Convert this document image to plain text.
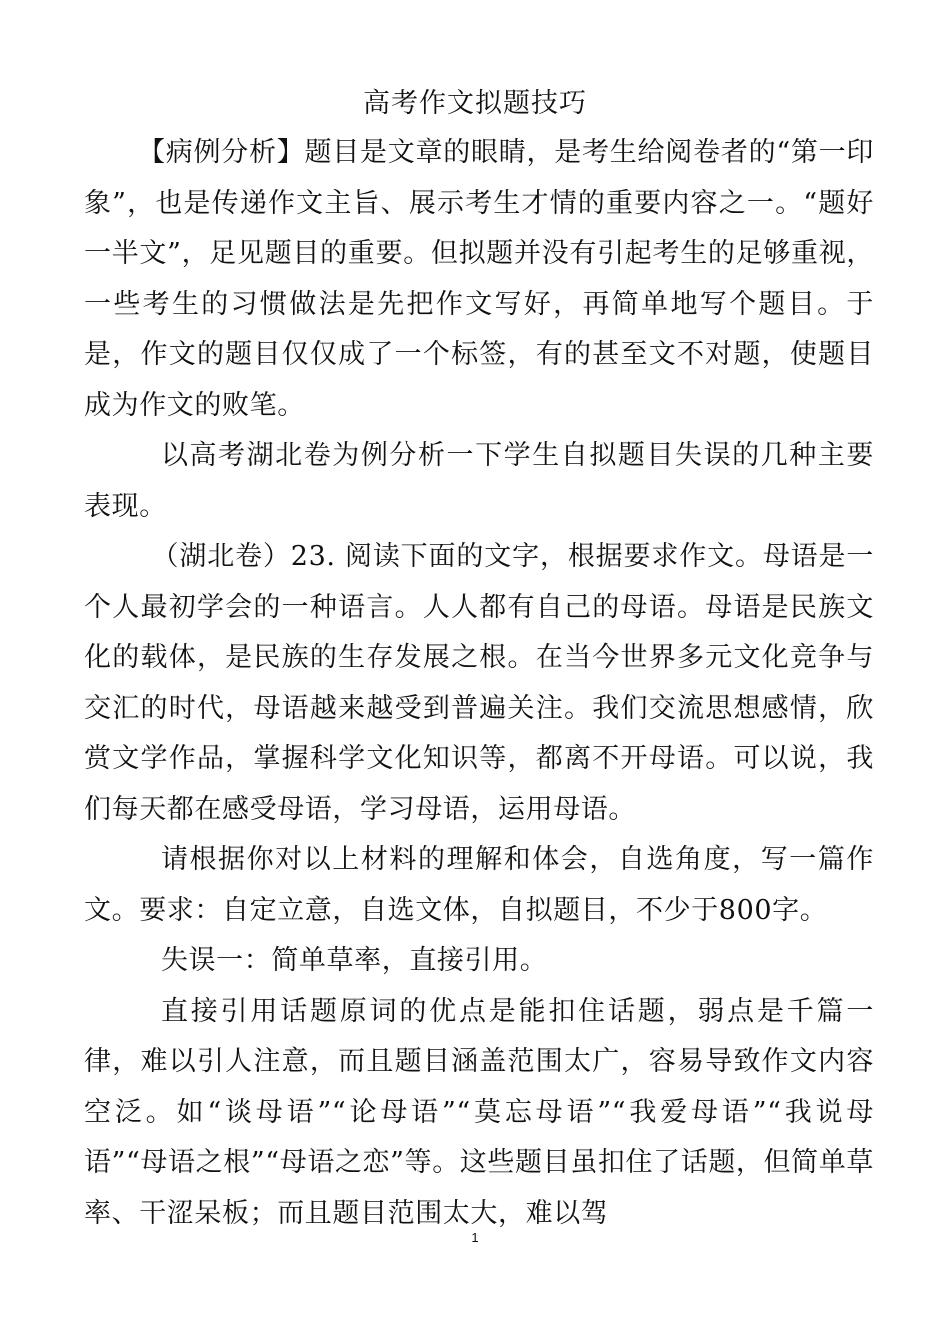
高考作文拟题技巧

【病例分析】题目是文章的眼睛，是考生给阅卷者的“第一印象”，也是传递作文主旨、展示考生才情的重要内容之一。“题好一半文”，足见题目的重要。但拟题并没有引起考生的足够重视，一些考生的习惯做法是先把作文写好，再简单地写个题目。于是，作文的题目仅仅成了一个标签，有的甚至文不对题，使题目成为作文的败笔。

以高考湖北卷为例分析一下学生自拟题目失误的几种主要表现。

（湖北卷）23. 阅读下面的文字，根据要求作文。母语是一个人最初学会的一种语言。人人都有自己的母语。母语是民族文化的载体，是民族的生存发展之根。在当今世界多元文化竞争与交汇的时代，母语越来越受到普遍关注。我们交流思想感情，欣赏文学作品，掌握科学文化知识等，都离不开母语。可以说，我们每天都在感受母语，学习母语，运用母语。

请根据你对以上材料的理解和体会，自选角度，写一篇作文。要求：自定立意，自选文体，自拟题目，不少于800字。

失误一：简单草率，直接引用。

直接引用话题原词的优点是能扣住话题，弱点是千篇一律，难以引人注意，而且题目涵盖范围太广，容易导致作文内容空泛。如“谈母语”“论母语”“莫忘母语”“我爱母语”“我说母语”“母语之根”“母语之恋”等。这些题目虽扣住了话题，但简单草率、干涩呆板；而且题目范围太大，难以驾

1
